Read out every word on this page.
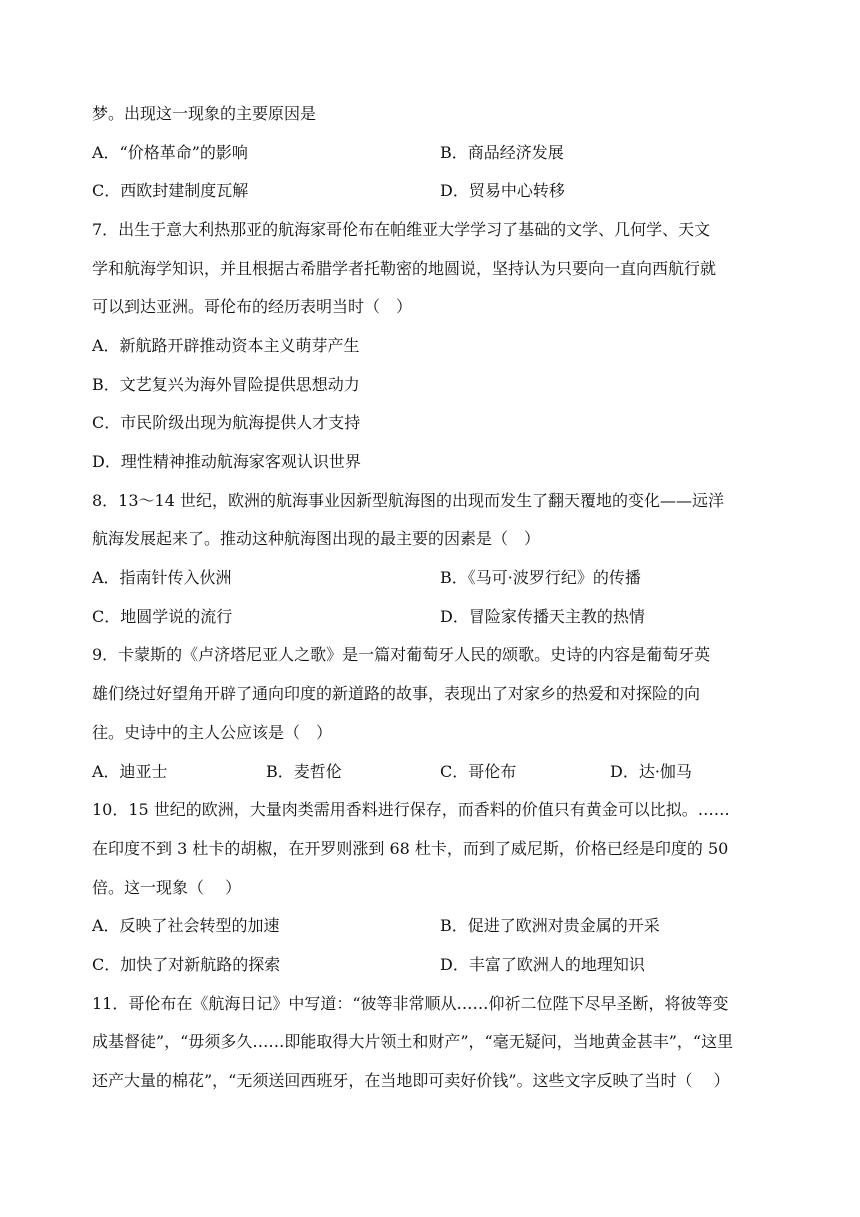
梦。出现这一现象的主要原因是
A．“价格革命”的影响	B．商品经济发展
C．西欧封建制度瓦解	D．贸易中心转移
7．出生于意大利热那亚的航海家哥伦布在帕维亚大学学习了基础的文学、几何学、天文
学和航海学知识，并且根据古希腊学者托勒密的地圆说，坚持认为只要向一直向西航行就
可以到达亚洲。哥伦布的经历表明当时（　）
A．新航路开辟推动资本主义萌芽产生
B．文艺复兴为海外冒险提供思想动力
C．市民阶级出现为航海提供人才支持
D．理性精神推动航海家客观认识世界
8．13～14 世纪，欧洲的航海事业因新型航海图的出现而发生了翻天覆地的变化——远洋
航海发展起来了。推动这种航海图出现的最主要的因素是（　）
A．指南针传入伙洲	B．《马可·波罗行纪》的传播
C．地圆学说的流行	D．冒险家传播天主教的热情
9．卡蒙斯的《卢济塔尼亚人之歌》是一篇对葡萄牙人民的颂歌。史诗的内容是葡萄牙英
雄们绕过好望角开辟了通向印度的新道路的故事，表现出了对家乡的热爱和对探险的向
往。史诗中的主人公应该是（　）
A．迪亚士	B．麦哲伦	C．哥伦布	D．达·伽马
10．15 世纪的欧洲，大量肉类需用香料进行保存，而香料的价值只有黄金可以比拟。……
在印度不到 3 杜卡的胡椒，在开罗则涨到 68 杜卡，而到了威尼斯，价格已经是印度的 50
倍。这一现象（　 ）
A．反映了社会转型的加速	B．促进了欧洲对贵金属的开采
C．加快了对新航路的探索	D．丰富了欧洲人的地理知识
11．哥伦布在《航海日记》中写道：“彼等非常顺从……仰祈二位陛下尽早圣断，将彼等变
成基督徒”，“毋须多久……即能取得大片领土和财产”，“毫无疑问，当地黄金甚丰”，“这里
还产大量的棉花”，“无须送回西班牙，在当地即可卖好价钱”。这些文字反映了当时（　 ）
